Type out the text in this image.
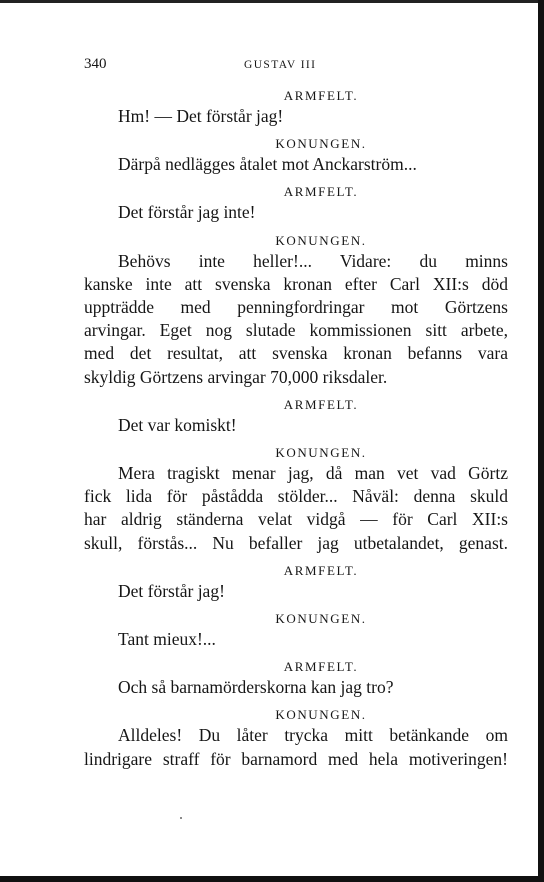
340	GUSTAV III

ARMFELT.

Hm! — Det förstår jag!

KONUNGEN.

Därpå nedlägges åtalet mot Anckarström...

ARMFELT.

Det förstår jag inte!

KONUNGEN.

Behövs inte heller!... Vidare: du minns

kanske inte att svenska kronan efter Carl XII:s död

uppträdde med penningfordringar mot Görtzens

arvingar. Eget nog slutade kommissionen sitt arbete,

med det resultat, att svenska kronan befanns vara

skyldig Görtzens arvingar 70,000 riksdaler.

ARMFELT.

Det var komiskt!

KONUNGEN.

Mera tragiskt menar jag, då man vet vad Görtz

fick lida för påstådda stölder... Nåväl: denna skuld

har aldrig ständerna velat vidgå — för Carl XII:s

skull, förstås... Nu befaller jag utbetalandet, genast.

ARMFELT.

Det förstår jag!

KONUNGEN.

Tant mieux!...

ARMFELT.

Och så barnamörderskorna kan jag tro?

KONUNGEN.

Alldeles! Du låter trycka mitt betänkande om

lindrigare straff för barnamord med hela motiveringen!
